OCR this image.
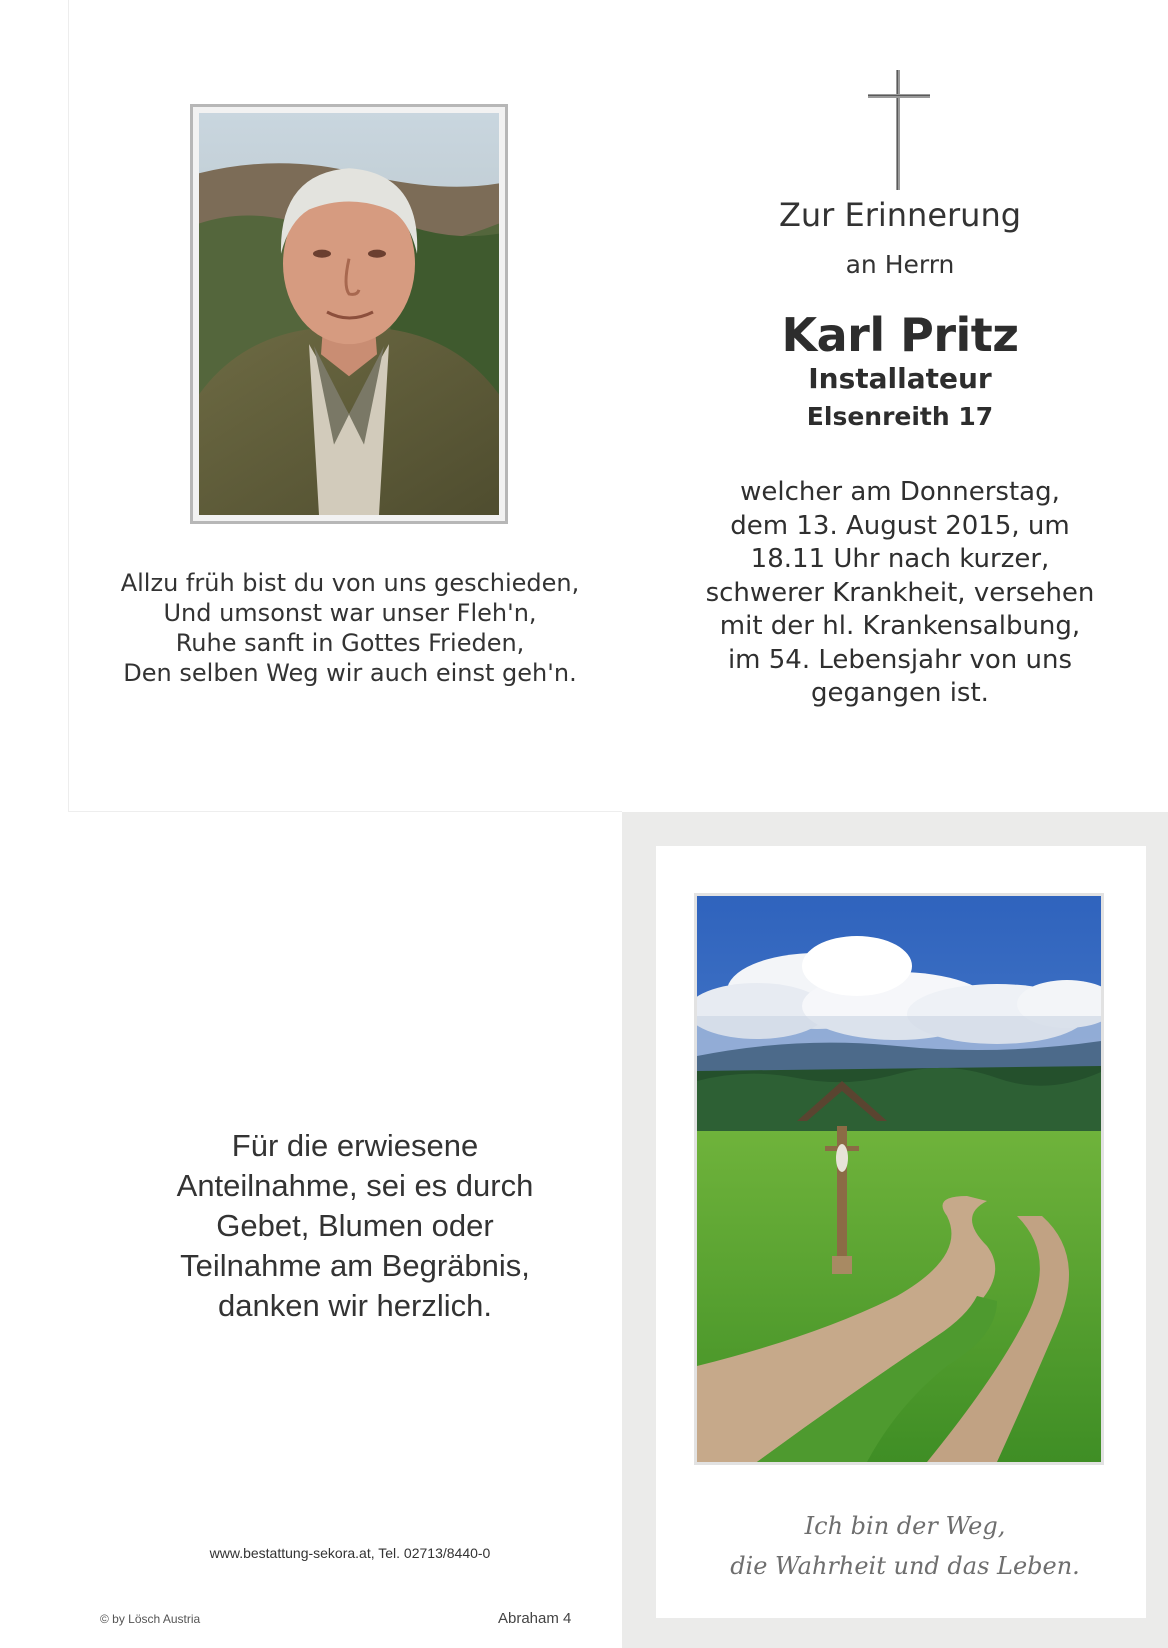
Allzu früh bist du von uns geschieden,
Und umsonst war unser Fleh'n,
Ruhe sanft in Gottes Frieden,
Den selben Weg wir auch einst geh'n.
Zur Erinnerung
an Herrn
Karl Pritz
Installateur
Elsenreith 17
welcher am Donnerstag,
dem 13. August 2015, um
18.11 Uhr nach kurzer,
schwerer Krankheit, versehen
mit der hl. Krankensalbung,
im 54. Lebensjahr von uns
gegangen ist.
Für die erwiesene
Anteilnahme, sei es durch
Gebet, Blumen oder
Teilnahme am Begräbnis,
danken wir herzlich.
www.bestattung-sekora.at, Tel. 02713/8440-0
© by Lösch Austria	Abraham 4
Ich bin der Weg,
die Wahrheit und das Leben.
